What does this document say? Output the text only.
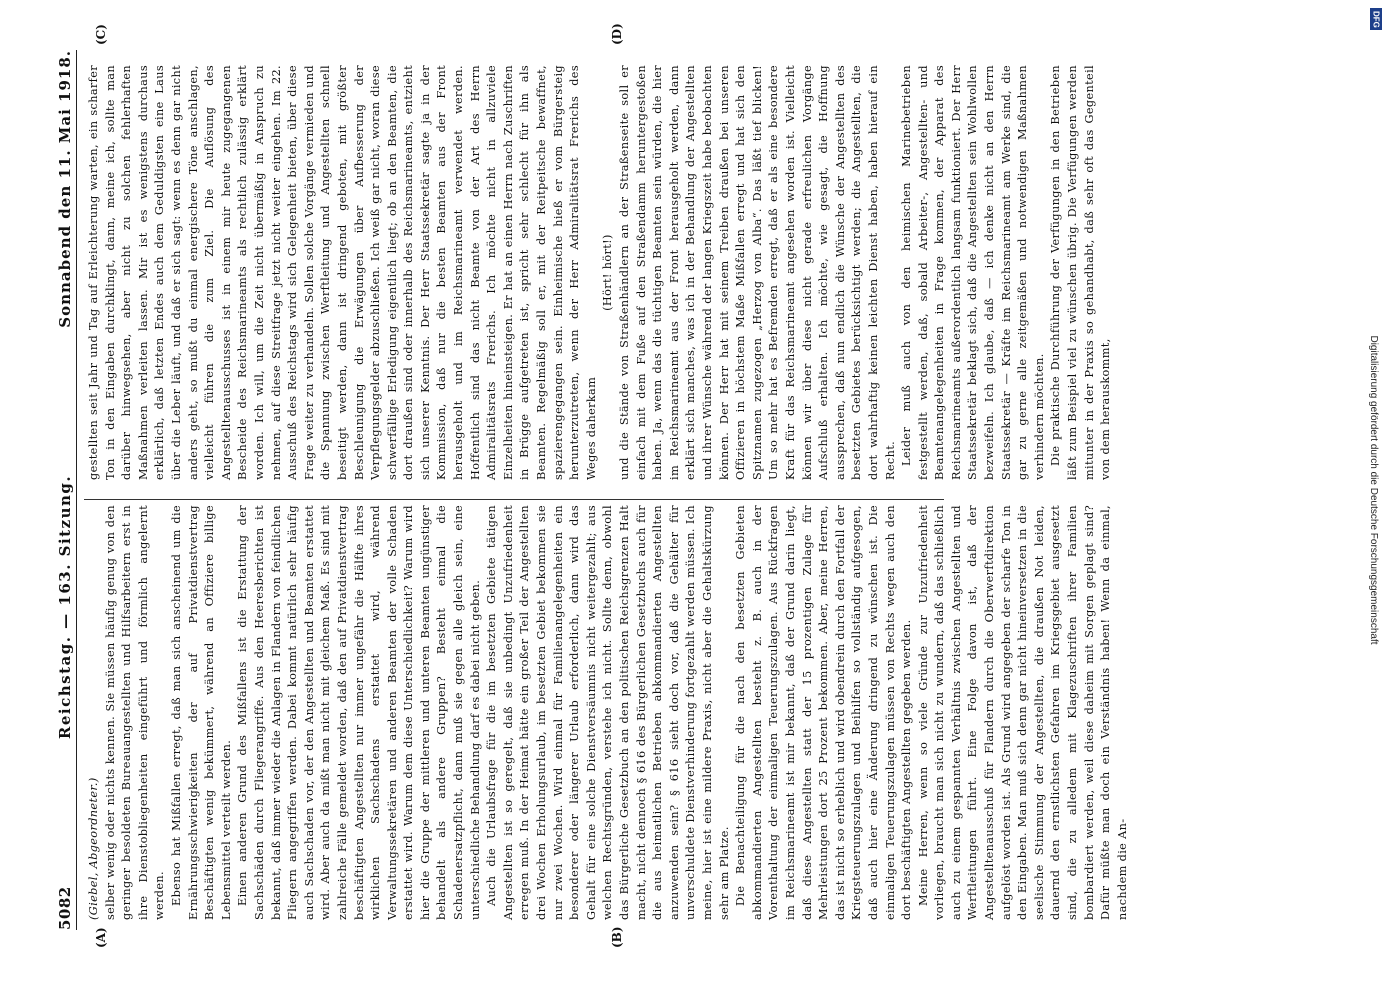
5082
Reichstag. — 163. Sitzung.
Sonnabend den 11. Mai 1918.
(A)	(B)
(C)	(D)

(Giebel, Abgeordneter.) selber wenig oder nichts kennen. Sie müssen häufig genug von den geringer besoldeten Bureauangestellten und Hilfsarbeitern erst in ihre Dienstobliegenheiten eingeführt und förmlich angelernt werden. Ebenso hat Mißfallen erregt, daß man sich anscheinend um die Ernährungsschwierigkeiten der auf Privatdienstvertrag Beschäftigten wenig bekümmert, während an Offiziere billige Lebensmittel verteilt werden. Einen anderen Grund des Mißfallens ist die Erstattung der Sachschäden durch Fliegerangriffe. Aus den Heeresberichten ist bekannt, daß immer wieder die Anlagen in Flandern von feindlichen Fliegern angegriffen werden. Dabei kommt natürlich sehr häufig auch Sachschaden vor, der den Angestellten und Beamten erstattet wird. Aber auch da mißt man nicht mit gleichem Maß. Es sind mit zahlreiche Fälle gemeldet worden, daß den auf Privatdienstvertrag beschäftigten Angestellten nur immer ungefähr die Hälfte ihres wirklichen Sachschadens erstattet wird, während Verwaltungssekretären und anderen Beamten der volle Schaden erstattet wird. Warum dem diese Unterschiedlichkeit? Warum wird hier die Gruppe der mittleren und unteren Beamten ungünstiger behandelt als andere Gruppen? Besteht einmal die Schadenersatzpflicht, dann muß sie gegen alle gleich sein, eine unterschiedliche Behandlung darf es dabei nicht geben. Auch die Urlaubsfrage für die im besetzten Gebiete tätigen Angestellten ist so geregelt, daß sie unbedingt Unzufriedenheit erregen muß. In der Heimat hätte ein großer Teil der Angestellten drei Wochen Erholungsurlaub, im besetzten Gebiet bekommen sie nur zwei Wochen. Wird einmal für Familienangelegenheiten ein besonderer oder längerer Urlaub erforderlich, dann wird das Gehalt für eine solche Dienstversäumnis nicht weitergezahlt; aus welchen Rechtsgründen, verstehe ich nicht. Sollte denn, obwohl das Bürgerliche Gesetzbuch an den politischen Reichsgrenzen Halt macht, nicht dennoch § 616 des Bürgerlichen Gesetzbuchs auch für die aus heimatlichen Betrieben abkommandierten Angestellten anzuwenden sein? § 616 sieht doch vor, daß die Gehälter für unverschuldete Dienstverhinderung fortgezahlt werden müssen. Ich meine, hier ist eine mildere Praxis, nicht aber die Gehaltskürzung sehr am Platze. Die Benachteiligung für die nach den besetzten Gebieten abkommandierten Angestellten besteht z. B. auch in der Vorenthaltung der einmaligen Teuerungszulagen. Aus Rückfragen im Reichsmarineamt ist mir bekannt, daß der Grund darin liegt, daß diese Angestellten statt der 15 prozentigen Zulage für Mehrleistungen dort 25 Prozent bekommen. Aber, meine Herren, das ist nicht so erheblich und wird obendrein durch den Fortfall der Kriegsteuerungszulagen und Beihilfen so vollständig aufgesogen, daß auch hier eine Änderung dringend zu wünschen ist. Die einmaligen Teuerungszulagen müssen von Rechts wegen auch den dort beschäftigten Angestellten gegeben werden. Meine Herren, wenn so viele Gründe zur Unzufriedenheit vorliegen, braucht man sich nicht zu wundern, daß das schließlich auch zu einem gespannten Verhältnis zwischen Angestellten und Werftleitungen führt. Eine Folge davon ist, daß der Angestelltenausschuß für Flandern durch die Oberwerftdirektion aufgelöst worden ist. Als Grund wird angegeben der scharfe Ton in den Eingaben. Man muß sich denn gar nicht hineinversetzen in die seelische Stimmung der Angestellten, die draußen Not leiden, dauernd den ernstlichsten Gefahren im Kriegsgebiet ausgesetzt sind, die zu alledem mit Klagezuschriften ihrer Familien bombardiert werden, weil diese daheim mit Sorgen geplagt sind? Dafür müßte man doch ein Verständnis haben! Wenn da einmal, nachdem die An-

gestellten seit Jahr und Tag auf Erleichterung warten, ein scharfer Ton in den Eingaben durchklingt, dann, meine ich, sollte man darüber hinwegsehen, aber nicht zu solchen fehlerhaften Maßnahmen verleiten lassen. Mir ist es wenigstens durchaus erklärlich, daß letzten Endes auch dem Geduldigsten eine Laus über die Leber läuft, und daß er sich sagt: wenn es denn gar nicht anders geht, so mußt du einmal energischere Töne anschlagen, vielleicht führen die zum Ziel. Die Auflösung des Angestelltenausschusses ist in einem mir heute zugegangenen Bescheide des Reichsmarineamts als rechtlich zulässig erklärt worden. Ich will, um die Zeit nicht übermäßig in Anspruch zu nehmen, auf diese Streitfrage jetzt nicht weiter eingehen. Im 22. Ausschuß des Reichstags wird sich Gelegenheit bieten, über diese Frage weiter zu verhandeln. Sollen solche Vorgänge vermieden und die Spannung zwischen Werftleitung und Angestellten schnell beseitigt werden, dann ist dringend geboten, mit größter Beschleunigung die Erwägungen über Aufbesserung der Verpflegungsgelder abzuschließen. Ich weiß gar nicht, woran diese schwerfällige Erledigung eigentlich liegt; ob an den Beamten, die dort draußen sind oder innerhalb des Reichsmarineamts, entzieht sich unserer Kenntnis. Der Herr Staatssekretär sagte ja in der Kommission, daß nur die besten Beamten aus der Front herausgeholt und im Reichsmarineamt verwendet werden. Hoffentlich sind das nicht Beamte von der Art des Herrn Admiralitätsrats Frerichs. Ich möchte nicht in allzuviele Einzelheiten hineinsteigen. Er hat an einen Herrn nach Zuschriften in Brügge aufgetreten ist, spricht sehr schlecht für ihn als Beamten. Regelmäßig soll er, mit der Reitpeitsche bewaffnet, spazierengegangen sein. Einheimische hieß er vom Bürgersteig herunterzutreten, wenn der Herr Admiralitätsrat Frerichs des Weges daherkam

(Hört! hört!) und die Stände von Straßenhändlern an der Straßenseite soll er einfach mit dem Fuße auf den Straßendamm heruntergestoßen haben. Ja, wenn das die tüchtigen Beamten sein würden, die hier im Reichsmarineamt aus der Front herausgeholt werden, dann erklärt sich manches, was ich in der Behandlung der Angestellten und ihrer Wünsche während der langen Kriegszeit habe beobachten können. Der Herr hat mit seinem Treiben draußen bei unseren Offizieren in höchstem Maße Mißfallen erregt und hat sich den Spitznamen zugezogen „Herzog von Alba“. Das läßt tief blicken! Um so mehr hat es Befremden erregt, daß er als eine besondere Kraft für das Reichsmarineamt angesehen worden ist. Vielleicht können wir über diese nicht gerade erfreulichen Vorgänge Aufschluß erhalten. Ich möchte, wie gesagt, die Hoffnung aussprechen, daß nun endlich die Wünsche der Angestellten des besetzten Gebietes berücksichtigt werden; die Angestellten, die dort wahrhaftig keinen leichten Dienst haben, haben hierauf ein Recht. Leider muß auch von den heimischen Marinebetrieben festgestellt werden, daß, sobald Arbeiter-, Angestellten- und Beamtenangelegenheiten in Frage kommen, der Apparat des Reichsmarineamts außerordentlich langsam funktioniert. Der Herr Staatssekretär beklagt sich, daß die Angestellten sein Wohlwollen bezweifeln. Ich glaube, daß — ich denke nicht an den Herrn Staatssekretär — Kräfte im Reichsmarineamt am Werke sind, die gar zu gerne alle zeitgemäßen und notwendigen Maßnahmen verhindern möchten. Die praktische Durchführung der Verfügungen in den Betrieben läßt zum Beispiel viel zu wünschen übrig. Die Verfügungen werden mitunter in der Praxis so gehandhabt, daß sehr oft das Gegenteil von dem herauskommt,

DFG
Digitalisierung gefördert durch die Deutsche Forschungsgemeinschaft
